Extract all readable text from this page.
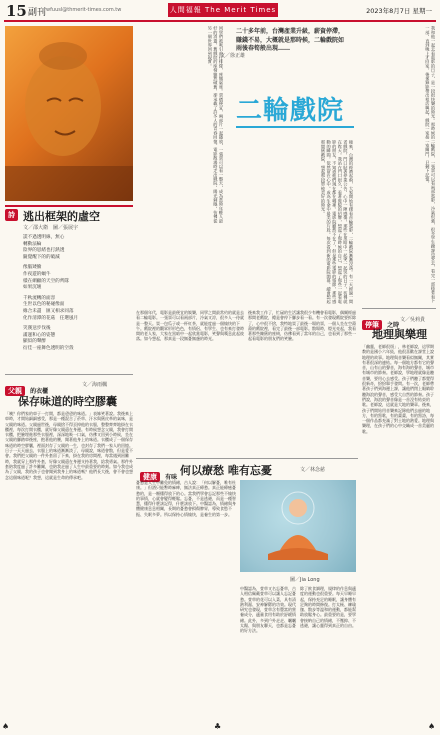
15 副刊
rwfuusl@thmerit-times.com.tw	人間福報 The Merit Times	2023年8月7日 星期一
同學們被吸引前往排隊，座無虛席。票價便宜，兩部片一起播放，一張票可以看一整天，成為當時年輕人最好的消遣，舊戲院的座椅雖然破舊，卻承載了許多人的青春回憶。電影散場時走出戲院，陽光刺眼，彷彿從另一個世界回到現實。	二十多年前，台灣產業升級，薪資停滯，賺錢不易，大概就是那時候，二輪戲院如雨後春筍般出現……
文／徐正雄
二輪戲院	我和他一起去看電影的日子，是一段很快樂的時光。那時候的二輪戲院，一張票可以看兩部電影，冷氣很強，很多學生蹺課也要去，看完一部接著看下一部，直到晚上才回家。後來錄影帶出租店興起，戲院一家接一家關門，只剩下記憶。
後來，台灣的經濟起飛，大家開始有錢看首輪電影，二輪戲院漸漸沒落。有一天經過一間老戲院，門口貼著停業公告，心中一陣感傷，那些在黑暗中一起笑一起哭的日子，彷彿就在昨天。我站在門口很久，看著斑駁的招牌，想起了那時候的自己，想起了那些一起看電影的朋友，不知道他們現在都在哪裡。電影院雖然不在了，但是那些電影的情節，那些感動的瞬間，依然留在心中，成為生命中最美的片段。每次看到新的電影院開幕，總會想起那間舊戲院，想起那段單純美好的時光。
詩 逃出框架的虛空
文／邵大衛　圖／張展宇
謊不過透明線，無心
轉動法輪
陰界的思緒也打熱透
隨覺醒下的的破滅
像腦矮臉
作夜遊的蝸牛
樣在網顧的天空的齊隊
如果沉壞
千秋流轉的面容
生世以色的秘碰像面
緣合未盡　匯又相求同落
化作清潭的花菇　任選風月
笑漢送步伐後
滿運和心的姿態
顯似的聲醉
衍佳一座舞色透明的空殼
父親 的衣櫃
文／海雨楓
保存味道的時空膠囊
「咦？你們家的車子一打開，都是爸爸的味道。」表姊笑著說。我後來上車時，才開始細細感受，那是一種混合了菸草、汗水與舊皮革的氣味，是父親的味道。父親過世後，母親捨不得丟掉他的衣服，整整齊齊地掛在衣櫃裡，每次打開衣櫃，就好像父親還在身邊。有時候想念父親，我會打開衣櫃，把臉埋進那些衣服裡，深深地吸一口氣，彷彿又回到小時候，坐在父親的腳踏車後座，抱著他的腰，聞著他身上的味道。衣櫃成了一個保存味道的時空膠囊，裡面封存了父親的一生，也封存了我們一家人的回憶。日子一天天過去，衣服上的味道漸漸淡了，母親說，味道會散，但是愛不會。我們把父親的一件外套留了下來，掛在我的房間裡，每當遇到困難時，我就穿上那件外套，好像父親還在身邊支持著我，給我勇氣。那件外套陪我度過了許多難關，也陪我走過了人生中最重要的時刻。如今我也成為了父親，我的孩子也會聞到我身上的味道嗎？他們長大後，會不會也想念這個味道呢？我想，這就是生命的傳承吧。
在那個年代，電影是最便宜的娛樂，同學之間最常約的就是去看二輪電影。一張票可以看兩部片，冷氣又涼，很多人一待就是一整天。買一包瓜子或一杯紅茶，就能度過一個愉快的下午。戲院裡的觀眾形形色色，有情侶、有學生、也有來打發時間的老人家，大家在黑暗中一起欣賞電影，笑聲與嘆息此起彼落。如今想起，那真是一段無憂無慮的時光。
後來我工作了，忙碌的生活讓我很少有機會看電影，偶爾經過那間老戲院，總是會停下腳步看一看。有一次發現戲院要拆除了，心中很不捨，我特地買了最後一場的票，一個人坐在空蕩蕩的戲院裡，看完了最後一部電影。散場時，燈光亮起，我看著那些陳舊的座椅，彷彿看到了當年的自己，也看到了那些一起看電影的朋友們的笑臉。
停筆 之時
文／吳莉貴
地理與樂理
「幽靈，老師很煩」，林老師說，這學期教的是國小六年級，他很喜歡在課堂上說地理的故事。地理與音樂看似無關，其實有著很深的連結。每一個地方都有它的聲音，山有山的聲音，海有海的聲音，城市有城市的節奏。老師說，學地理就像是聽音樂，要用心去感受。孩子們聽了都覺得很新奇，紛紛舉手發問。有一次，老師帶著孩子們到海邊上課，讓他們閉上眼睛聆聽海浪的聲音，感受大自然的節奏。孩子們說，海浪的聲音像是一首沒有結束的歌。老師說，這就是大地的樂章。後來，孩子們開始用音樂來記錄他們去過的地方，有的寫歌，有的畫畫，有的寫詩，每一個作品都充滿了對土地的熱愛。地理與樂理，在孩子們的心中交織成一首美麗的歌。
健康 有味
何以療愁 唯有忘憂	文／林念慈
憂愁是人生中難免的情緒，古人說：「何以解憂，唯有杜康。」但酒只能暫時麻痺，無法真正療愁。真正能療癒憂愁的，是一顆懂得放下的心。當我們學會忘記那些不愉快的事情，心就會變得輕鬆。忘憂，不是逃避，而是一種智慧，懂得什麼該記得，什麼該放下。中醫認為，情緒與身體健康息息相關，長期的憂愁會損傷脾胃，導致食慾不振、失眠多夢。所以保持心情愉快，是養生的第一步。
圖／Jia Long
中醫認為，萱草又名忘憂草，古人相信佩戴萱草可以讓人忘記憂愁。萱草的花可以入菜，具有清熱利濕、安神解鬱的功效。現代研究也發現，萱草含有豐富的營養成分，適量食用有助於舒緩情緒。此外，多到戶外走走、曬曬太陽、與朋友聊天，也都是忘憂的好方法。
除了飲食調理，規律的作息與適度的運動也很重要。每天早睡早起，保持充足的睡眠，讓身體有足夠的時間修復。打太極、練瑜伽、散步等溫和的運動，都能幫助放鬆身心。最重要的是，要學會接納自己的情緒，不壓抑、不逃避，讓心靈得到真正的自由。
♠	♠
♣
